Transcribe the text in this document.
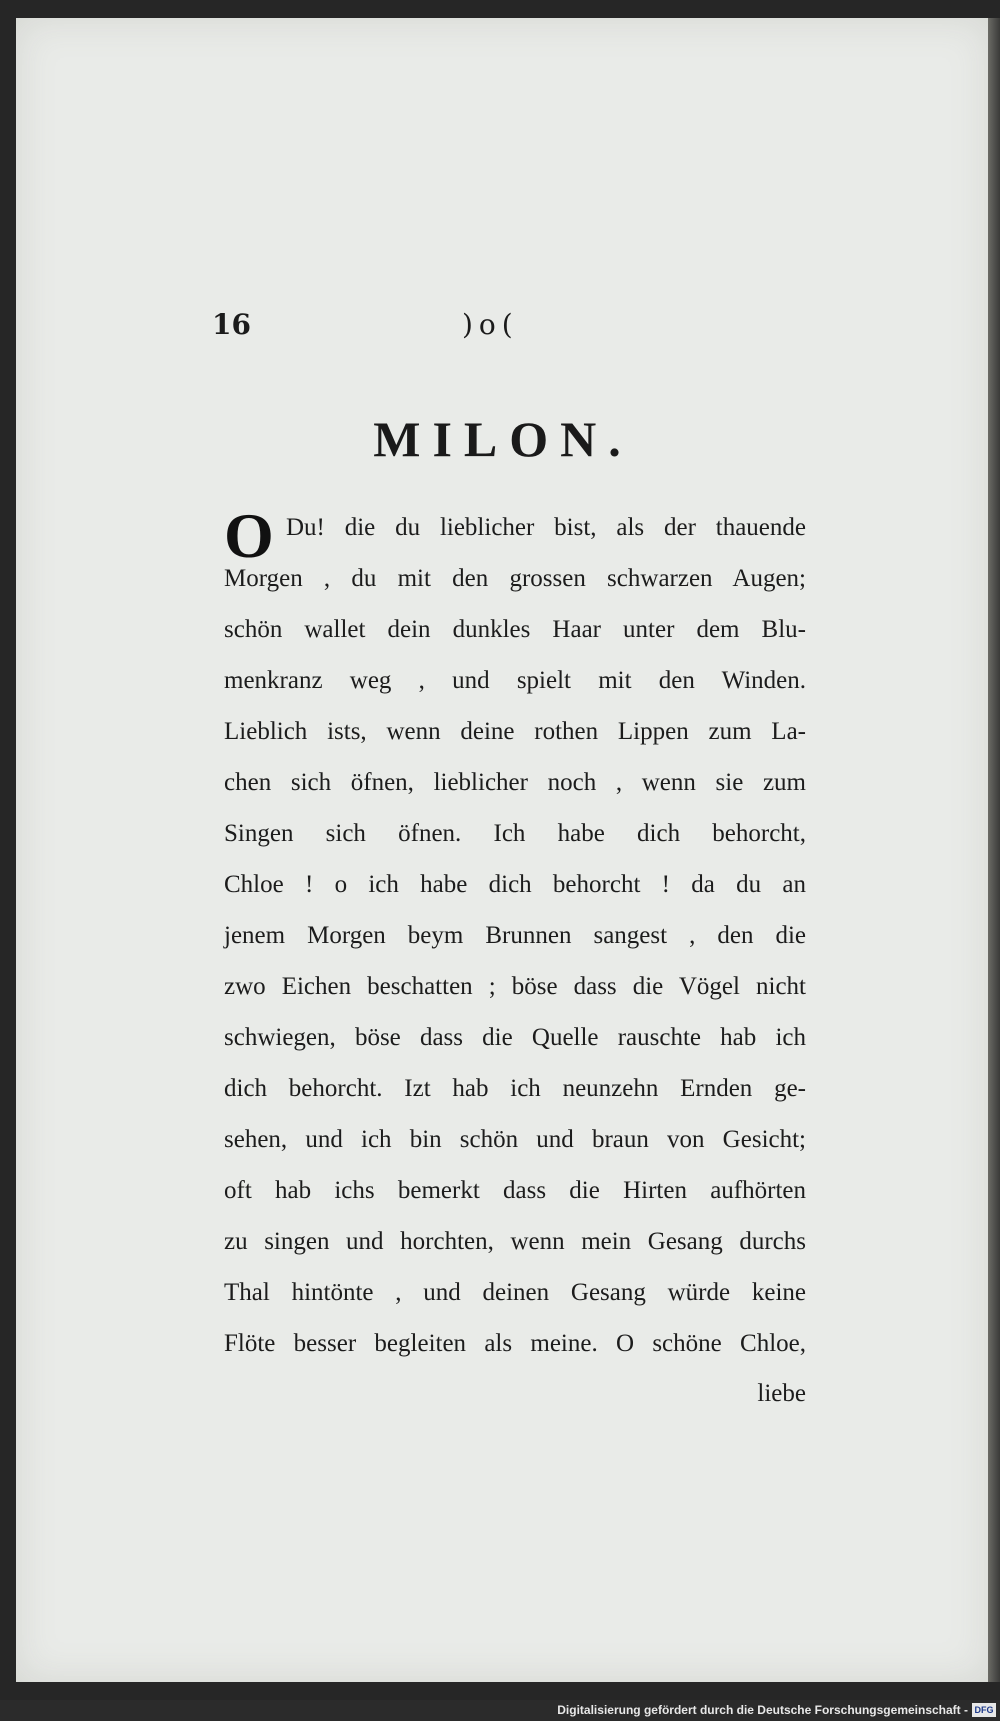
16	)o(
MILON.
O Du! die du lieblicher bist, als der thauende
Morgen , du mit den grossen schwarzen Augen;
schön wallet dein dunkles Haar unter dem Blu-
menkranz weg , und spielt mit den Winden.
Lieblich ists, wenn deine rothen Lippen zum La-
chen sich öfnen, lieblicher noch , wenn sie zum
Singen sich öfnen. Ich habe dich behorcht,
Chloe ! o ich habe dich behorcht ! da du an
jenem Morgen beym Brunnen sangest , den die
zwo Eichen beschatten ; böse dass die Vögel nicht
schwiegen, böse dass die Quelle rauschte hab ich
dich behorcht. Izt hab ich neunzehn Ernden ge-
sehen, und ich bin schön und braun von Gesicht;
oft hab ichs bemerkt dass die Hirten aufhörten
zu singen und horchten, wenn mein Gesang durchs
Thal hintönte , und deinen Gesang würde keine
Flöte besser begleiten als meine. O schöne Chloe,
liebe
Digitalisierung gefördert durch die Deutsche Forschungsgemeinschaft - DFG
